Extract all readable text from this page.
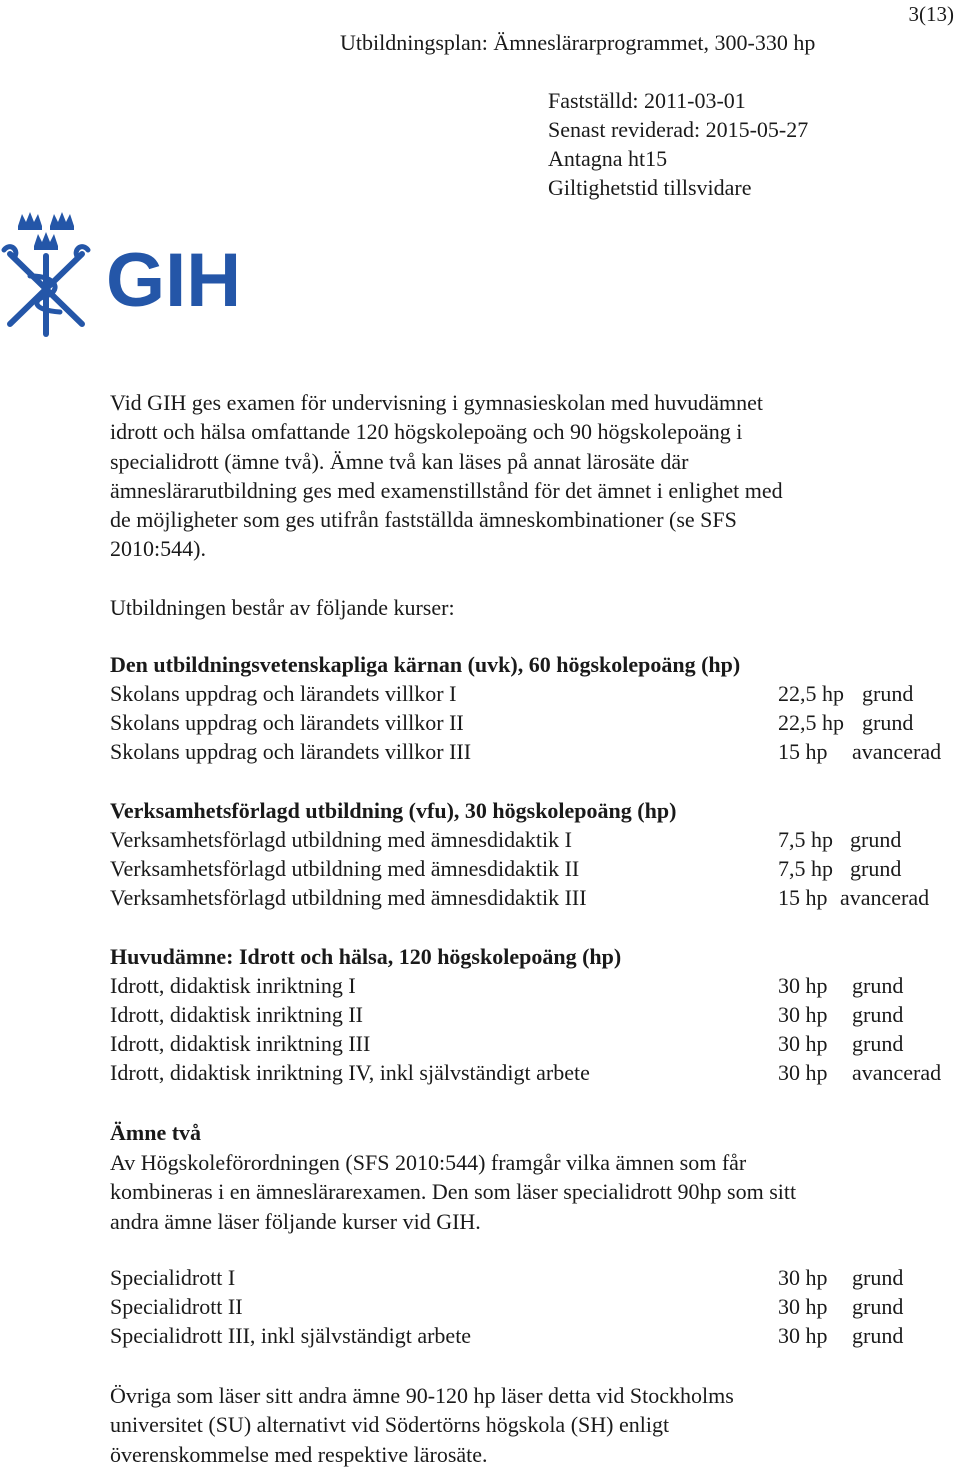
3(13)
Utbildningsplan: Ämneslärarprogrammet, 300-330 hp
Fastställd: 2011-03-01
Senast reviderad: 2015-05-27
Antagna ht15
Giltighetstid tillsvidare
GIH
Vid GIH ges examen för undervisning i gymnasieskolan med huvudämnet
idrott och hälsa omfattande 120 högskolepoäng och 90 högskolepoäng i
specialidrott (ämne två). Ämne två kan läses på annat lärosäte där
ämneslärarutbildning ges med examenstillstånd för det ämnet i enlighet med
de möjligheter som ges utifrån fastställda ämneskombinationer (se SFS
2010:544).
Utbildningen består av följande kurser:
Den utbildningsvetenskapliga kärnan (uvk), 60 högskolepoäng (hp)
Skolans uppdrag och lärandets villkor I	22,5 hp grund
Skolans uppdrag och lärandets villkor II	22,5 hp grund
Skolans uppdrag och lärandets villkor III	15 hp avancerad
Verksamhetsförlagd utbildning (vfu), 30 högskolepoäng (hp)
Verksamhetsförlagd utbildning med ämnesdidaktik I	7,5 hp grund
Verksamhetsförlagd utbildning med ämnesdidaktik II	7,5 hp grund
Verksamhetsförlagd utbildning med ämnesdidaktik III	15 hp avancerad
Huvudämne: Idrott och hälsa, 120 högskolepoäng (hp)
Idrott, didaktisk inriktning I	30 hp grund
Idrott, didaktisk inriktning II	30 hp grund
Idrott, didaktisk inriktning III	30 hp grund
Idrott, didaktisk inriktning IV, inkl självständigt arbete	30 hp avancerad
Ämne två
Av Högskoleförordningen (SFS 2010:544) framgår vilka ämnen som får
kombineras i en ämneslärarexamen. Den som läser specialidrott 90hp som sitt
andra ämne läser följande kurser vid GIH.
Specialidrott I	30 hp grund
Specialidrott II	30 hp grund
Specialidrott III, inkl självständigt arbete	30 hp grund
Övriga som läser sitt andra ämne 90-120 hp läser detta vid Stockholms
universitet (SU) alternativt vid Södertörns högskola (SH) enligt
överenskommelse med respektive lärosäte.
